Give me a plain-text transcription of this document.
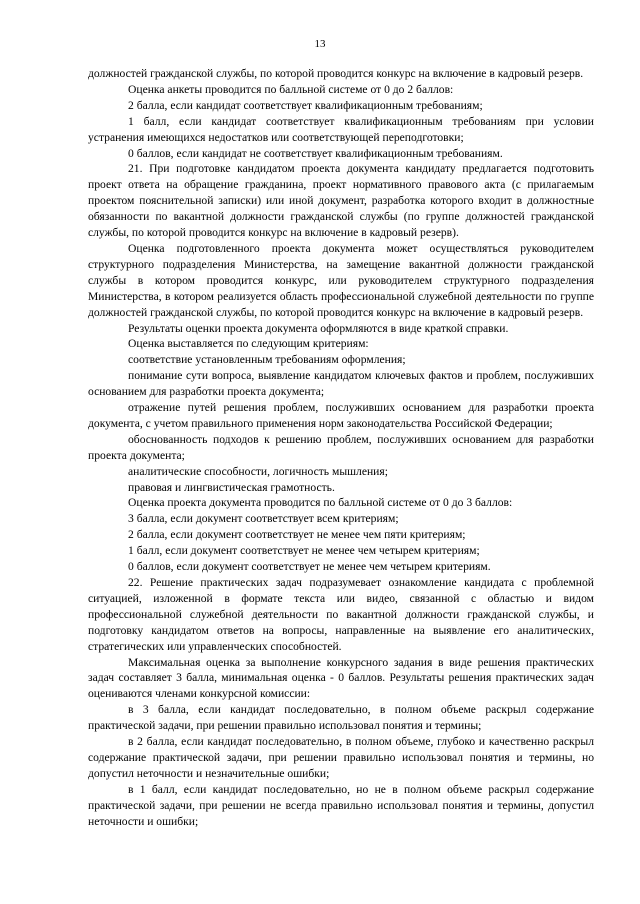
13

должностей гражданской службы, по которой проводится конкурс на включение в кадровый резерв.

Оценка анкеты проводится по балльной системе от 0 до 2 баллов:

2 балла, если кандидат соответствует квалификационным требованиям;

1 балл, если кандидат соответствует квалификационным требованиям при условии устранения имеющихся недостатков или соответствующей переподготовки;

0 баллов, если кандидат не соответствует квалификационным требованиям.

21. При подготовке кандидатом проекта документа кандидату предлагается подготовить проект ответа на обращение гражданина, проект нормативного правового акта (с прилагаемым проектом пояснительной записки) или иной документ, разработка которого входит в должностные обязанности по вакантной должности гражданской службы (по группе должностей гражданской службы, по которой проводится конкурс на включение в кадровый резерв).

Оценка подготовленного проекта документа может осуществляться руководителем структурного подразделения Министерства, на замещение вакантной должности гражданской службы в котором проводится конкурс, или руководителем структурного подразделения Министерства, в котором реализуется область профессиональной служебной деятельности по группе должностей гражданской службы, по которой проводится конкурс на включение в кадровый резерв.

Результаты оценки проекта документа оформляются в виде краткой справки.

Оценка выставляется по следующим критериям:

соответствие установленным требованиям оформления;

понимание сути вопроса, выявление кандидатом ключевых фактов и проблем, послуживших основанием для разработки проекта документа;

отражение путей решения проблем, послуживших основанием для разработки проекта документа, с учетом правильного применения норм законодательства Российской Федерации;

обоснованность подходов к решению проблем, послуживших основанием для разработки проекта документа;

аналитические способности, логичность мышления;

правовая и лингвистическая грамотность.

Оценка проекта документа проводится по балльной системе от 0 до 3 баллов:

3 балла, если документ соответствует всем критериям;

2 балла, если документ соответствует не менее чем пяти критериям;

1 балл, если документ соответствует не менее чем четырем критериям;

0 баллов, если документ соответствует не менее чем четырем критериям.

22. Решение практических задач подразумевает ознакомление кандидата с проблемной ситуацией, изложенной в формате текста или видео, связанной с областью и видом профессиональной служебной деятельности по вакантной должности гражданской службы, и подготовку кандидатом ответов на вопросы, направленные на выявление его аналитических, стратегических или управленческих способностей.

Максимальная оценка за выполнение конкурсного задания в виде решения практических задач составляет 3 балла, минимальная оценка - 0 баллов. Результаты решения практических задач оцениваются членами конкурсной комиссии:

в 3 балла, если кандидат последовательно, в полном объеме раскрыл содержание практической задачи, при решении правильно использовал понятия и термины;

в 2 балла, если кандидат последовательно, в полном объеме, глубоко и качественно раскрыл содержание практической задачи, при решении правильно использовал понятия и термины, но допустил неточности и незначительные ошибки;

в 1 балл, если кандидат последовательно, но не в полном объеме раскрыл содержание практической задачи, при решении не всегда правильно использовал понятия и термины, допустил неточности и ошибки;
